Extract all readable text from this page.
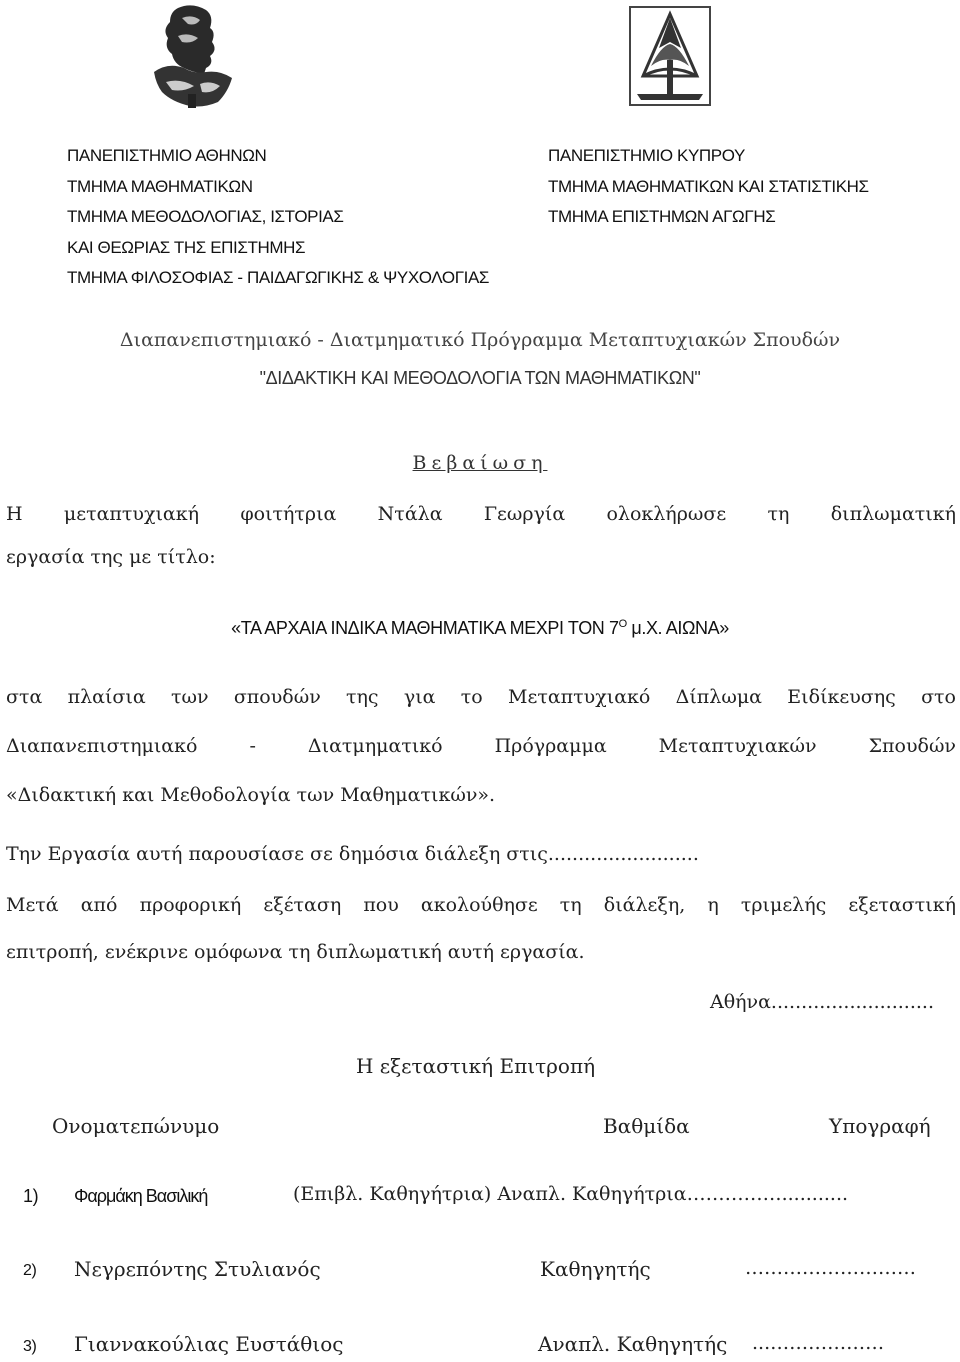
ΠΑΝΕΠΙΣΤΗΜΙΟ ΑΘΗΝΩΝ
ΤΜΗΜΑ ΜΑΘΗΜΑΤΙΚΩΝ
ΤΜΗΜΑ ΜΕΘΟΔΟΛΟΓΙΑΣ, ΙΣΤΟΡΙΑΣ
ΚΑΙ ΘΕΩΡΙΑΣ ΤΗΣ ΕΠΙΣΤΗΜΗΣ
ΤΜΗΜΑ ΦΙΛΟΣΟΦΙΑΣ - ΠΑΙΔΑΓΩΓΙΚΗΣ & ΨΥΧΟΛΟΓΙΑΣ
ΠΑΝΕΠΙΣΤΗΜΙΟ ΚΥΠΡΟΥ
ΤΜΗΜΑ ΜΑΘΗΜΑΤΙΚΩΝ ΚΑΙ ΣΤΑΤΙΣΤΙΚΗΣ
ΤΜΗΜΑ ΕΠΙΣΤΗΜΩΝ ΑΓΩΓΗΣ
Διαπανεπιστημιακό - Διατμηματικό Πρόγραμμα Μεταπτυχιακών Σπουδών
"ΔΙΔΑΚΤΙΚΗ ΚΑΙ ΜΕΘΟΔΟΛΟΓΙΑ ΤΩΝ ΜΑΘΗΜΑΤΙΚΩΝ"
Βεβαίωση
Η μεταπτυχιακή φοιτήτρια Ντάλα Γεωργία ολοκλήρωσε τη διπλωματική
εργασία της με τίτλο:
«ΤΑ ΑΡΧΑΙΑ ΙΝΔΙΚΑ ΜΑΘΗΜΑΤΙΚΑ ΜΕΧΡΙ ΤΟΝ $7^O$ μ.Χ. ΑΙΩΝΑ»
στα πλαίσια των σπουδών της για το Μεταπτυχιακό Δίπλωμα Ειδίκευσης στο
Διαπανεπιστημιακό - Διατμηματικό Πρόγραμμα Μεταπτυχιακών Σπουδών
«Διδακτική και Μεθοδολογία των Μαθηματικών».
Την Εργασία αυτή παρουσίασε σε δημόσια διάλεξη στις.........................
Μετά από προφορική εξέταση που ακολούθησε τη διάλεξη, η τριμελής εξεταστική
επιτροπή, ενέκρινε ομόφωνα τη διπλωματική αυτή εργασία.
Αθήνα...........................
Η εξεταστική Επιτροπή
Ονοματεπώνυμο	Βαθμίδα	Υπογραφή
1) Φαρμάκη Βασιλική	(Επιβλ. Καθηγήτρια) Αναπλ. Καθηγήτρια……………...........
2) Νεγρεπόντης Στυλιανός	Καθηγητής	………………………
3) Γιαννακούλιας Ευστάθιος	Αναπλ. Καθηγητής ...………………
